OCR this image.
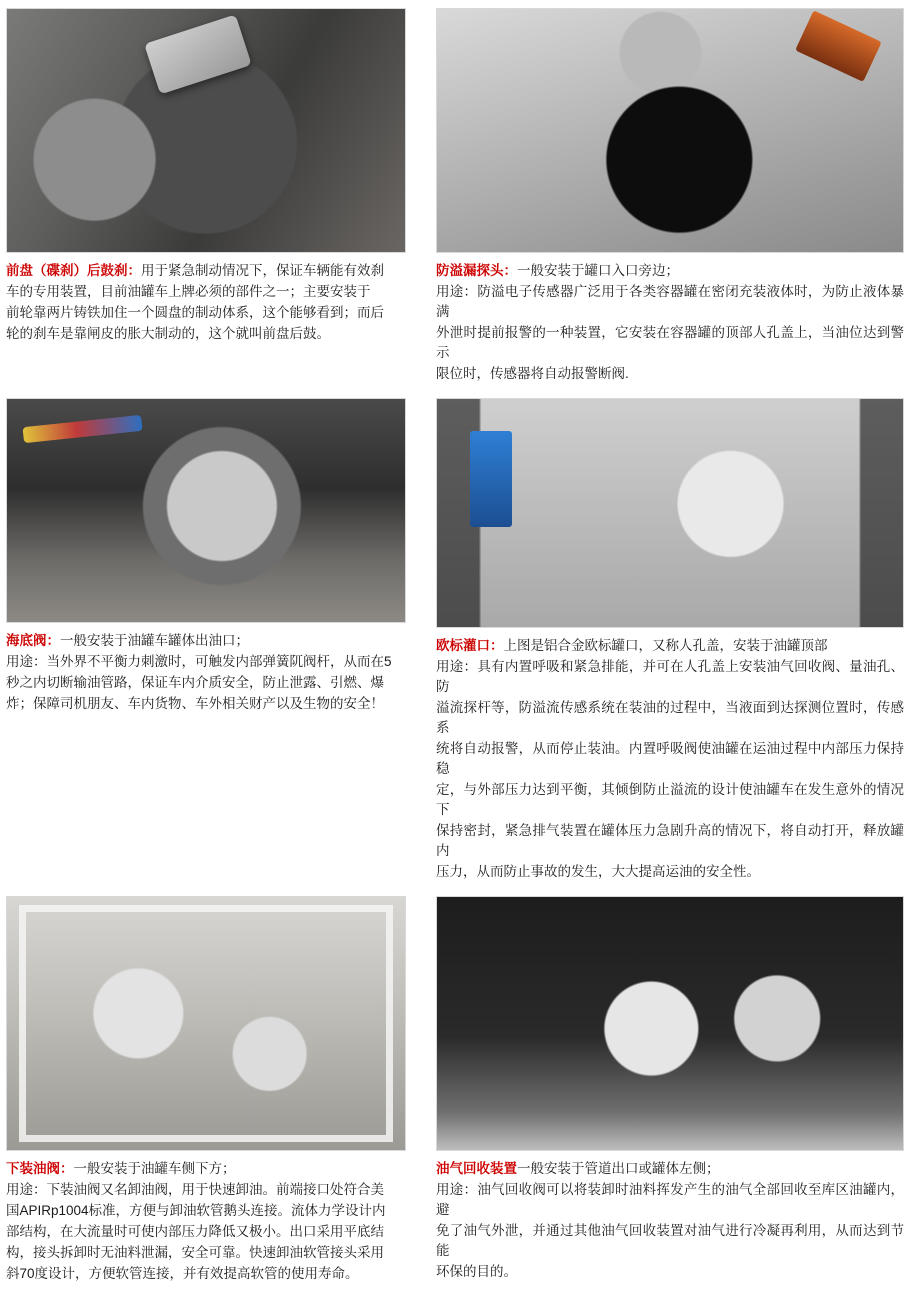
前盘（碟刹）后鼓刹：用于紧急制动情况下，保证车辆能有效刹

车的专用装置，目前油罐车上牌必须的部件之一；主要安装于

前轮靠两片铸铁加住一个圆盘的制动体系，这个能够看到；而后

轮的刹车是靠闸皮的胀大制动的，这个就叫前盘后鼓。

防溢漏探头：一般安装于罐口入口旁边；

用途：防溢电子传感器广泛用于各类容器罐在密闭充装液体时，为防止液体暴满

外泄时提前报警的一种装置，它安装在容器罐的顶部人孔盖上，当油位达到警示

限位时，传感器将自动报警断阀.

海底阀：一般安装于油罐车罐体出油口；

用途：当外界不平衡力刺激时，可触发内部弹簧阢阀杆，从而在5

秒之内切断输油管路，保证车内介质安全，防止泄露、引燃、爆

炸；保障司机朋友、车内货物、车外相关财产以及生物的安全！

欧标灌口：上图是铝合金欧标罐口，又称人孔盖，安装于油罐顶部

用途：具有内置呼吸和紧急排能，并可在人孔盖上安装油气回收阀、量油孔、防

溢流探杆等，防溢流传感系统在装油的过程中，当液面到达探测位置时，传感系

统将自动报警，从而停止装油。内置呼吸阀使油罐在运油过程中内部压力保持稳

定，与外部压力达到平衡，其倾倒防止溢流的设计使油罐车在发生意外的情况下

保持密封，紧急排气装置在罐体压力急剧升高的情况下，将自动打开，释放罐内

压力，从而防止事故的发生，大大提高运油的安全性。

下装油阀：一般安装于油罐车侧下方；

用途：下装油阀又名卸油阀，用于快速卸油。前端接口处符合美

国APIRp1004标准，方便与卸油软管鹅头连接。流体力学设计内

部结构，在大流量时可使内部压力降低又极小。出口采用平底结

构，接头拆卸时无油料泄漏，安全可靠。快速卸油软管接头采用

斜70度设计，方便软管连接，并有效提高软管的使用寿命。

油气回收装置一般安装于管道出口或罐体左侧；

用途：油气回收阀可以将装卸时油料挥发产生的油气全部回收至库区油罐内，避

免了油气外泄，并通过其他油气回收装置对油气进行冷凝再利用，从而达到节能

环保的目的。
